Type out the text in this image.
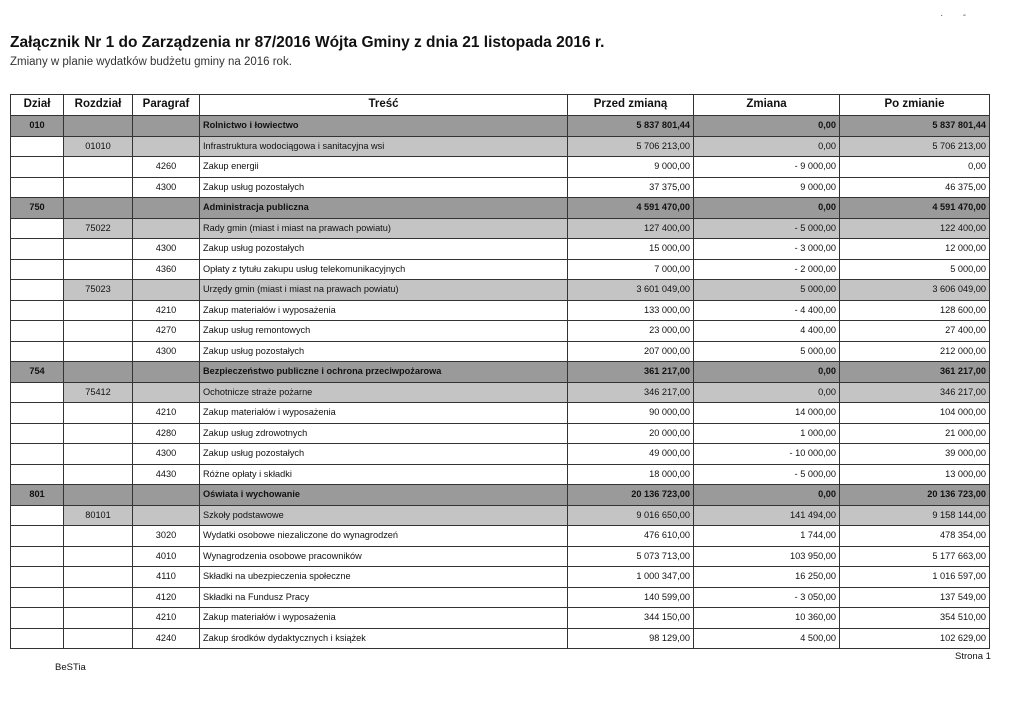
·       -
Załącznik Nr 1 do Zarządzenia nr 87/2016 Wójta Gminy z dnia 21 listopada 2016 r.
Zmiany w planie wydatków budżetu gminy na 2016 rok.
Dział	Rozdział	Paragraf	Treść	Przed zmianą	Zmiana	Po zmianie
010			Rolnictwo i łowiectwo	5 837 801,44	0,00	5 837 801,44
	01010		Infrastruktura wodociągowa i sanitacyjna wsi	5 706 213,00	0,00	5 706 213,00
		4260	Zakup energii	9 000,00	- 9 000,00	0,00
		4300	Zakup usług pozostałych	37 375,00	9 000,00	46 375,00
750			Administracja publiczna	4 591 470,00	0,00	4 591 470,00
	75022		Rady gmin (miast i miast na prawach powiatu)	127 400,00	- 5 000,00	122 400,00
		4300	Zakup usług pozostałych	15 000,00	- 3 000,00	12 000,00
		4360	Opłaty z tytułu zakupu usług telekomunikacyjnych	7 000,00	- 2 000,00	5 000,00
	75023		Urzędy gmin (miast i miast na prawach powiatu)	3 601 049,00	5 000,00	3 606 049,00
		4210	Zakup materiałów i wyposażenia	133 000,00	- 4 400,00	128 600,00
		4270	Zakup usług remontowych	23 000,00	4 400,00	27 400,00
		4300	Zakup usług pozostałych	207 000,00	5 000,00	212 000,00
754			Bezpieczeństwo publiczne i ochrona przeciwpożarowa	361 217,00	0,00	361 217,00
	75412		Ochotnicze straże pożarne	346 217,00	0,00	346 217,00
		4210	Zakup materiałów i wyposażenia	90 000,00	14 000,00	104 000,00
		4280	Zakup usług zdrowotnych	20 000,00	1 000,00	21 000,00
		4300	Zakup usług pozostałych	49 000,00	- 10 000,00	39 000,00
		4430	Różne opłaty i składki	18 000,00	- 5 000,00	13 000,00
801			Oświata i wychowanie	20 136 723,00	0,00	20 136 723,00
	80101		Szkoły podstawowe	9 016 650,00	141 494,00	9 158 144,00
		3020	Wydatki osobowe niezaliczone do wynagrodzeń	476 610,00	1 744,00	478 354,00
		4010	Wynagrodzenia osobowe pracowników	5 073 713,00	103 950,00	5 177 663,00
		4110	Składki na ubezpieczenia społeczne	1 000 347,00	16 250,00	1 016 597,00
		4120	Składki na Fundusz Pracy	140 599,00	- 3 050,00	137 549,00
		4210	Zakup materiałów i wyposażenia	344 150,00	10 360,00	354 510,00
		4240	Zakup środków dydaktycznych i książek	98 129,00	4 500,00	102 629,00
BeSTia
Strona 1
